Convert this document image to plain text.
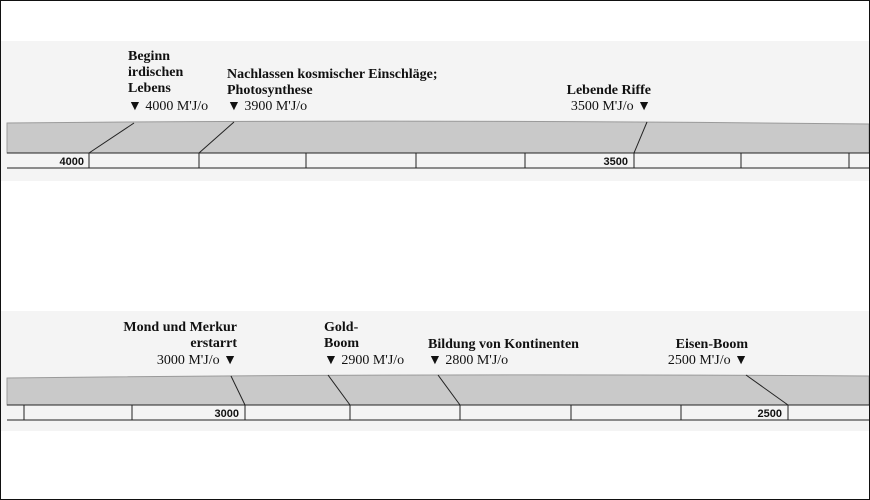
4000	3500
3000	2500
Beginn
irdischen
Lebens
▼ 4000 M'J/o
Nachlassen kosmischer Einschläge;
Photosynthese
▼ 3900 M'J/o
Lebende Riffe
3500 M'J/o ▼
Mond und Merkur
erstarrt
3000 M'J/o ▼
Gold-
Boom
▼ 2900 M'J/o
Bildung von Kontinenten
▼ 2800 M'J/o
Eisen-Boom
2500 M'J/o ▼
